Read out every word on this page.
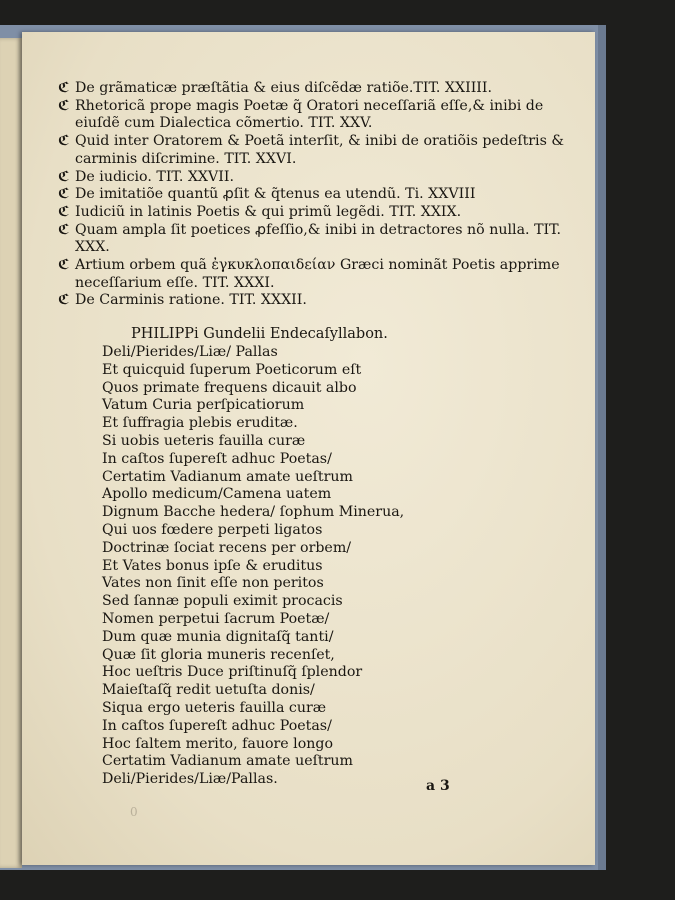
ℭ De grãmaticæ præſtãtia & eius diſcẽdæ ratiõe.TIT. XXIIII.
ℭ Rhetoricã prope magis Poetæ q̃ Oratori neceſſariã eſſe,& inibi de eiuſdẽ cum Dialectica cõmertio. TIT. XXV.
ℭ Quid inter Oratorem & Poetã interſit, & inibi de oratiõis pedeſtris & carminis diſcrimine. TIT. XXVI.
ℭ De iudicio. TIT. XXVII.
ℭ De imitatiõe quantũ ꝓſit & q̃tenus ea utendũ. Ti. XXVIII
ℭ Iudiciũ in latinis Poetis & qui primũ legẽdi. TIT. XXIX.
ℭ Quam ampla ſit poetices ꝓfeſſio,& inibi in detractores nõ nulla. TIT. XXX.
ℭ Artium orbem quã ἐγκυκλοπαιδείαν Græci nominãt Poetis apprime neceſſarium eſſe. TIT. XXXI.
ℭ De Carminis ratione. TIT. XXXII.
PHILIPPi Gundelii Endecaſyllabon.
Deli/Pierides/Liæ/ Pallas
Et quicquid ſuperum Poeticorum eſt
Quos primate frequens dicauit albo
Vatum Curia perſpicatiorum
Et ſuffragia plebis eruditæ.
Si uobis ueteris fauilla curæ
In caſtos ſupereſt adhuc Poetas/
Certatim Vadianum amate ueſtrum
Apollo medicum/Camena uatem
Dignum Bacche hedera/ ſophum Minerua,
Qui uos fœdere perpeti ligatos
Doctrinæ ſociat recens per orbem/
Et Vates bonus ipſe & eruditus
Vates non ſinit eſſe non peritos
Sed ſannæ populi eximit procacis
Nomen perpetui ſacrum Poetæ/
Dum quæ munia dignitaſq̃ tanti/
Quæ ſit gloria muneris recenſet,
Hoc ueſtris Duce priſtinuſq̃ ſplendor
Maieſtaſq̃ redit uetuſta donis/
Siqua ergo ueteris fauilla curæ
In caſtos ſupereſt adhuc Poetas/
Hoc ſaltem merito, fauore longo
Certatim Vadianum amate ueſtrum
Deli/Pierides/Liæ/Pallas.	a 3
0
